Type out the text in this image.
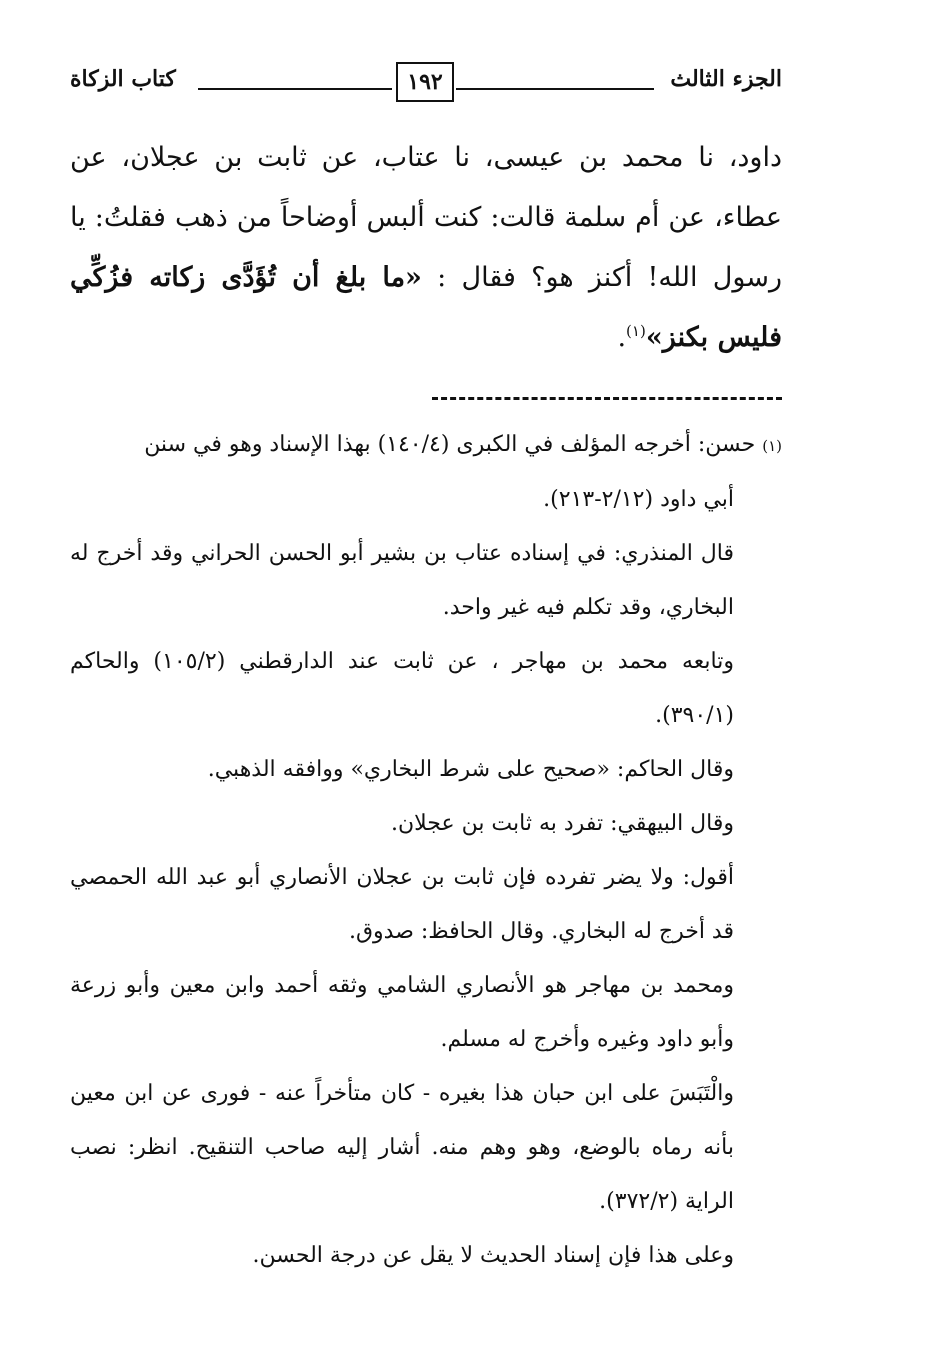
الجزء الثالث
١٩٢
كتاب الزكاة

داود، نا محمد بن عيسى، نا عتاب، عن ثابت بن عجلان، عن عطاء، عن أم سلمة قالت: كنت ألبس أوضاحاً من ذهب فقلتُ: يا رسول الله! أكنز هو؟ فقال : «ما بلغ أن تُؤَدَّى زكاته فزُكِّي فليس بكنز»$^{(١)}$.

(١) حسن: أخرجه المؤلف في الكبرى (١٤٠/٤) بهذا الإسناد وهو في سنن
أبي داود (٢/١٢-٢١٣).

قال المنذري: في إسناده عتاب بن بشير أبو الحسن الحراني وقد أخرج له البخاري، وقد تكلم فيه غير واحد.

وتابعه محمد بن مهاجر ، عن ثابت عند الدارقطني (١٠٥/٢) والحاكم (٣٩٠/١).

وقال الحاكم: «صحيح على شرط البخاري» ووافقه الذهبي.

وقال البيهقي: تفرد به ثابت بن عجلان.

أقول: ولا يضر تفرده فإن ثابت بن عجلان الأنصاري أبو عبد الله الحمصي قد أخرج له البخاري. وقال الحافظ: صدوق.

ومحمد بن مهاجر هو الأنصاري الشامي وثقه أحمد وابن معين وأبو زرعة وأبو داود وغيره وأخرج له مسلم.

والْتَبَسَ على ابن حبان هذا بغيره - كان متأخراً عنه - فورى عن ابن معين بأنه رماه بالوضع، وهو وهم منه. أشار إليه صاحب التنقيح. انظر: نصب الراية (٣٧٢/٢).

وعلى هذا فإن إسناد الحديث لا يقل عن درجة الحسن.
